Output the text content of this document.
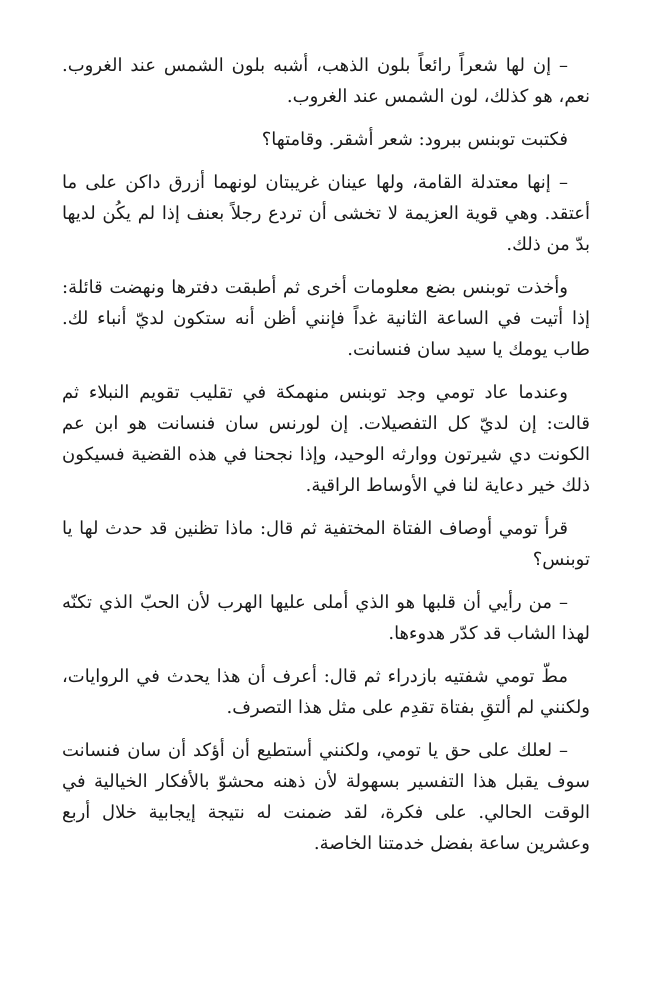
– إن لها شعراً رائعاً بلون الذهب، أشبه بلون الشمس عند الغروب. نعم، هو كذلك، لون الشمس عند الغروب.

فكتبت توبنس ببرود: شعر أشقر. وقامتها؟

– إنها معتدلة القامة، ولها عينان غريبتان لونهما أزرق داكن على ما أعتقد. وهي قوية العزيمة لا تخشى أن تردع رجلاً بعنف إذا لم يكُن لديها بدّ من ذلك.

وأخذت توبنس بضع معلومات أخرى ثم أطبقت دفترها ونهضت قائلة: إذا أتيت في الساعة الثانية غداً فإنني أظن أنه ستكون لديّ أنباء لك. طاب يومك يا سيد سان فنسانت.

وعندما عاد تومي وجد توبنس منهمكة في تقليب تقويم النبلاء ثم قالت: إن لديّ كل التفصيلات. إن لورنس سان فنسانت هو ابن عم الكونت دي شيرتون ووارثه الوحيد، وإذا نجحنا في هذه القضية فسيكون ذلك خير دعاية لنا في الأوساط الراقية.

قرأ تومي أوصاف الفتاة المختفية ثم قال: ماذا تظنين قد حدث لها يا توبنس؟

– من رأيي أن قلبها هو الذي أملى عليها الهرب لأن الحبّ الذي تكنّه لهذا الشاب قد كدّر هدوءها.

مطّ تومي شفتيه بازدراء ثم قال: أعرف أن هذا يحدث في الروايات، ولكنني لم ألتقِ بفتاة تقدِم على مثل هذا التصرف.

– لعلك على حق يا تومي، ولكنني أستطيع أن أؤكد أن سان فنسانت سوف يقبل هذا التفسير بسهولة لأن ذهنه محشوّ بالأفكار الخيالية في الوقت الحالي. على فكرة، لقد ضمنت له نتيجة إيجابية خلال أربع وعشرين ساعة بفضل خدمتنا الخاصة.
